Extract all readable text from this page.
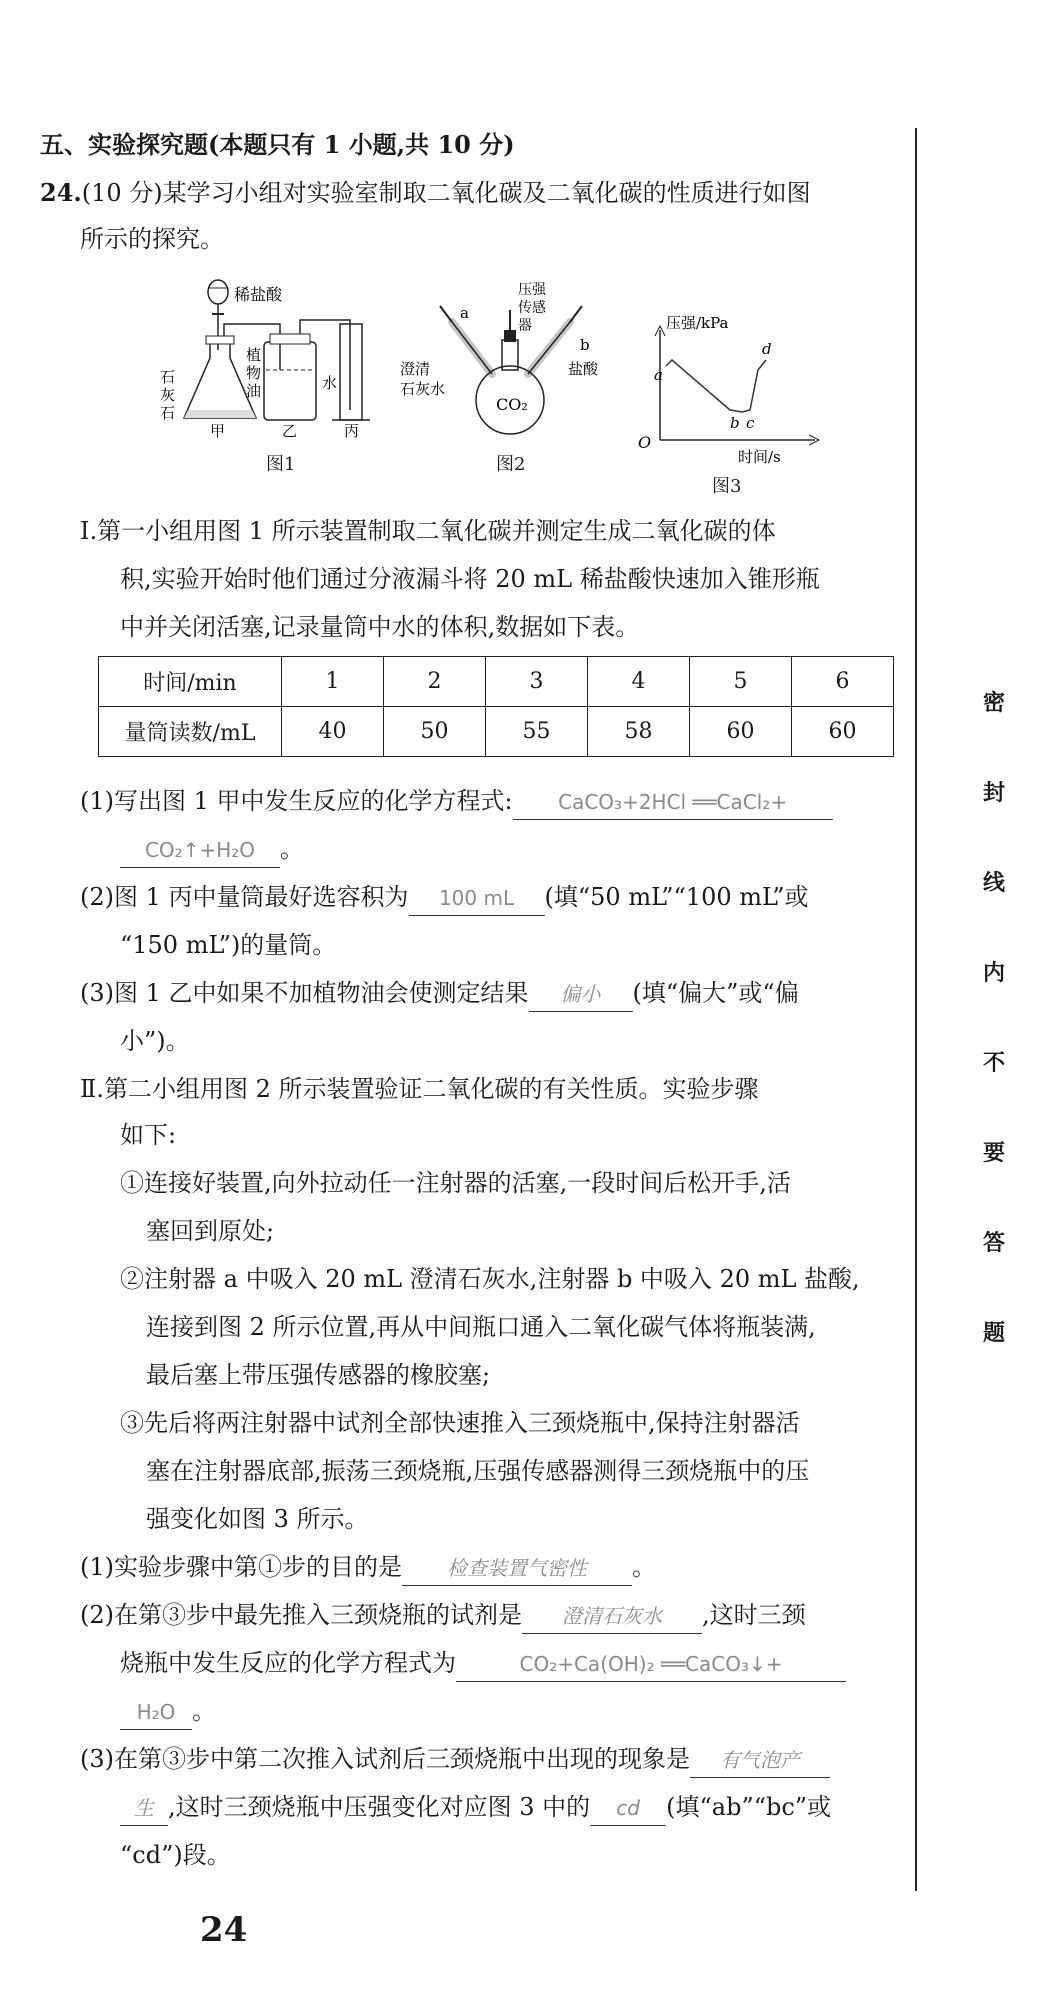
五、实验探究题(本题只有 1 小题,共 10 分)
24.(10 分)某学习小组对实验室制取二氧化碳及二氧化碳的性质进行如图
所示的探究。
稀盐酸
石
灰
石
植
物
油	水
甲	乙	丙
图1
a
b
压强
传感
器
澄清
石灰水
盐酸
CO₂
图2
压强/kPa
时间/s
O
a
b c
d
图3
Ⅰ.第一小组用图 1 所示装置制取二氧化碳并测定生成二氧化碳的体
积,实验开始时他们通过分液漏斗将 20 mL 稀盐酸快速加入锥形瓶
中并关闭活塞,记录量筒中水的体积,数据如下表。
时间/min	1	2	3	4	5	6
量筒读数/mL	40	50	55	58	60	60
(1)写出图 1 甲中发生反应的化学方程式: CaCO₃+2HCl ══CaCl₂+
CO₂↑+H₂O 。
(2)图 1 丙中量筒最好选容积为 100 mL (填“50 mL”“100 mL”或
“150 mL”)的量筒。
(3)图 1 乙中如果不加植物油会使测定结果 偏小 (填“偏大”或“偏
小”)。
Ⅱ.第二小组用图 2 所示装置验证二氧化碳的有关性质。实验步骤
如下:
①连接好装置,向外拉动任一注射器的活塞,一段时间后松开手,活
塞回到原处;
②注射器 a 中吸入 20 mL 澄清石灰水,注射器 b 中吸入 20 mL 盐酸,
连接到图 2 所示位置,再从中间瓶口通入二氧化碳气体将瓶装满,
最后塞上带压强传感器的橡胶塞;
③先后将两注射器中试剂全部快速推入三颈烧瓶中,保持注射器活
塞在注射器底部,振荡三颈烧瓶,压强传感器测得三颈烧瓶中的压
强变化如图 3 所示。
(1)实验步骤中第①步的目的是 检查装置气密性 。
(2)在第③步中最先推入三颈烧瓶的试剂是 澄清石灰水 ,这时三颈
烧瓶中发生反应的化学方程式为	CO₂+Ca(OH)₂ ══CaCO₃↓+
H₂O 。
(3)在第③步中第二次推入试剂后三颈烧瓶中出现的现象是 有气泡产
生 ,这时三颈烧瓶中压强变化对应图 3 中的 cd (填“ab”“bc”或
“cd”)段。
密
封
线
内
不
要
答
题
24
